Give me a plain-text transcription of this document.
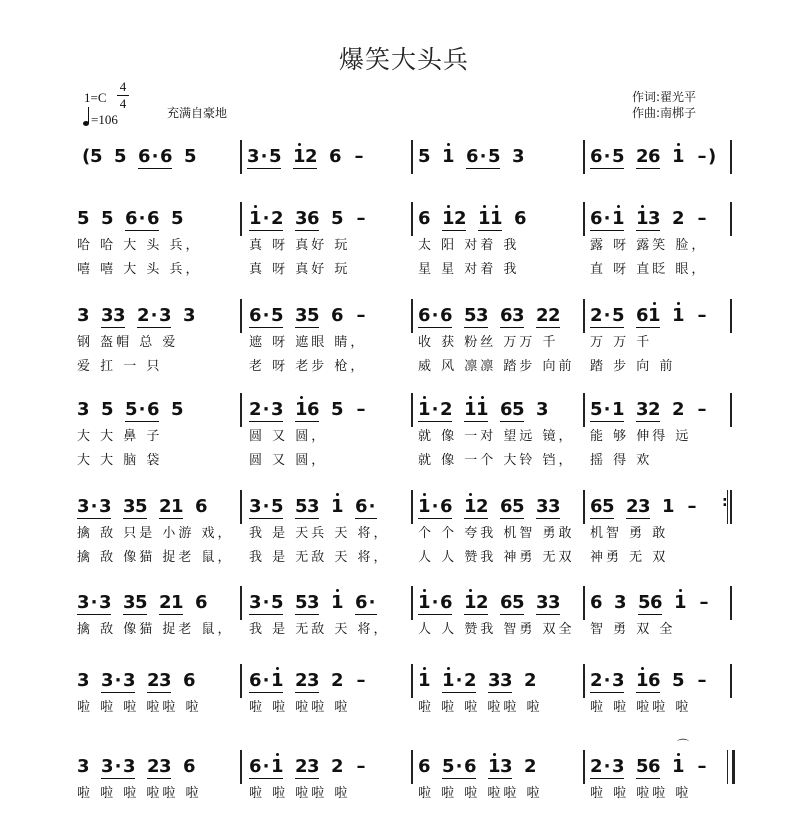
爆笑大头兵
1=C
4
4
=106	充满自豪地
作词:翟光平
作曲:南梆子
( 5 5 6 · 6 5	3 · 5 1 2 6 –	5 1 6 · 5 3	6 · 5 2 6 1 – )
5 5 6 · 6 5
哈 哈 大 头 兵，
嘻 嘻 大 头 兵，
1 · 2 3 6 5 –
真 呀 真好 玩
真 呀 真好 玩
6 1 2 1 1 6
太 阳 对着 我
星 星 对着 我
6 · 1 1 3 2 –
露 呀 露笑 脸，
直 呀 直眨 眼，
3 3 3 2 · 3 3
钢 盔帽 总 爱
爱 扛 一 只
6 · 5 3 5 6 –
遮 呀 遮眼 睛，
老 呀 老步 枪，
6 · 6 5 3 6 3 2 2
收 获 粉丝 万万 千
威 风 凛凛 踏步 向前
2 · 5 6 1 1 –
万 万 千
踏 步 向 前
3 5 5 · 6 5
大 大 鼻 子
大 大 脑 袋
2 · 3 1 6 5 –
圆 又 圆，
圆 又 圆，
1 · 2 1 1 6 5 3
就 像 一对 望远 镜，
就 像 一个 大铃 铛，
5 · 1 3 2 2 –
能 够 伸得 远
摇 得 欢
3 · 3 3 5 2 1 6
擒 敌 只是 小游 戏，
擒 敌 像猫 捉老 鼠，
3 · 5 5 3 1 6 ·
我 是 天兵 天 将，
我 是 无敌 天 将，
1 · 6 1 2 6 5 3 3
个 个 夸我 机智 勇敢
人 人 赞我 神勇 无双
6 5 2 3 1 –
机智 勇 敢
神勇 无 双
:
3 · 3 3 5 2 1 6
擒 敌 像猫 捉老 鼠，
3 · 5 5 3 1 6 ·
我 是 无敌 天 将，
1 · 6 1 2 6 5 3 3
人 人 赞我 智勇 双全
6 3 5 6 1 –
智 勇 双 全
3 3 · 3 2 3 6
啦 啦 啦 啦啦 啦
6 · 1 2 3 2 –
啦 啦 啦啦 啦
1 1 · 2 3 3 2
啦 啦 啦 啦啦 啦
2 · 3 1 6 5 –
啦 啦 啦啦 啦
3 3 · 3 2 3 6
啦 啦 啦 啦啦 啦
6 · 1 2 3 2 –
啦 啦 啦啦 啦
6 5 · 6 1 3 2
啦 啦 啦 啦啦 啦
2 · 3 5 6 1 –
啦 啦 啦啦 啦
⌒
